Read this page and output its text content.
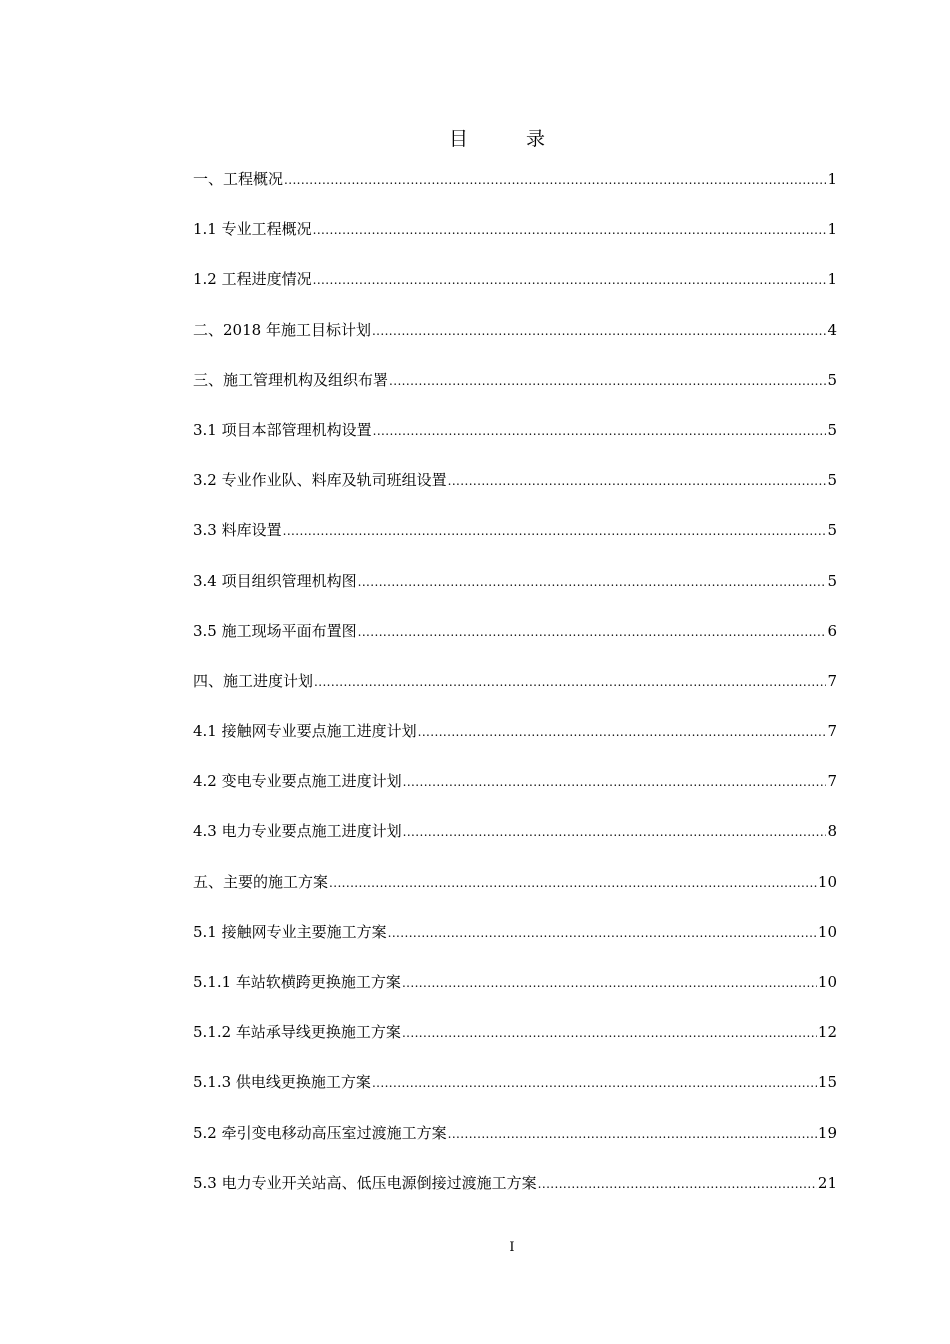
目	录
一、工程概况 .....	1
1.1 专业工程概况 .....	1
1.2 工程进度情况 .....	1
二、2018 年施工目标计划 .....	4
三、施工管理机构及组织布署 .....	5
3.1 项目本部管理机构设置 .....	5
3.2 专业作业队、料库及轨司班组设置 .....	5
3.3 料库设置 .....	5
3.4 项目组织管理机构图 .....	5
3.5 施工现场平面布置图 .....	6
四、施工进度计划 .....	7
4.1 接触网专业要点施工进度计划 .....	7
4.2 变电专业要点施工进度计划 .....	7
4.3 电力专业要点施工进度计划 .....	8
五、主要的施工方案 .....	10
5.1 接触网专业主要施工方案 .....	10
5.1.1 车站软横跨更换施工方案 .....	10
5.1.2 车站承导线更换施工方案 .....	12
5.1.3 供电线更换施工方案 .....	15
5.2 牵引变电移动高压室过渡施工方案 .....	19
5.3 电力专业开关站高、低压电源倒接过渡施工方案 .....	21
I
